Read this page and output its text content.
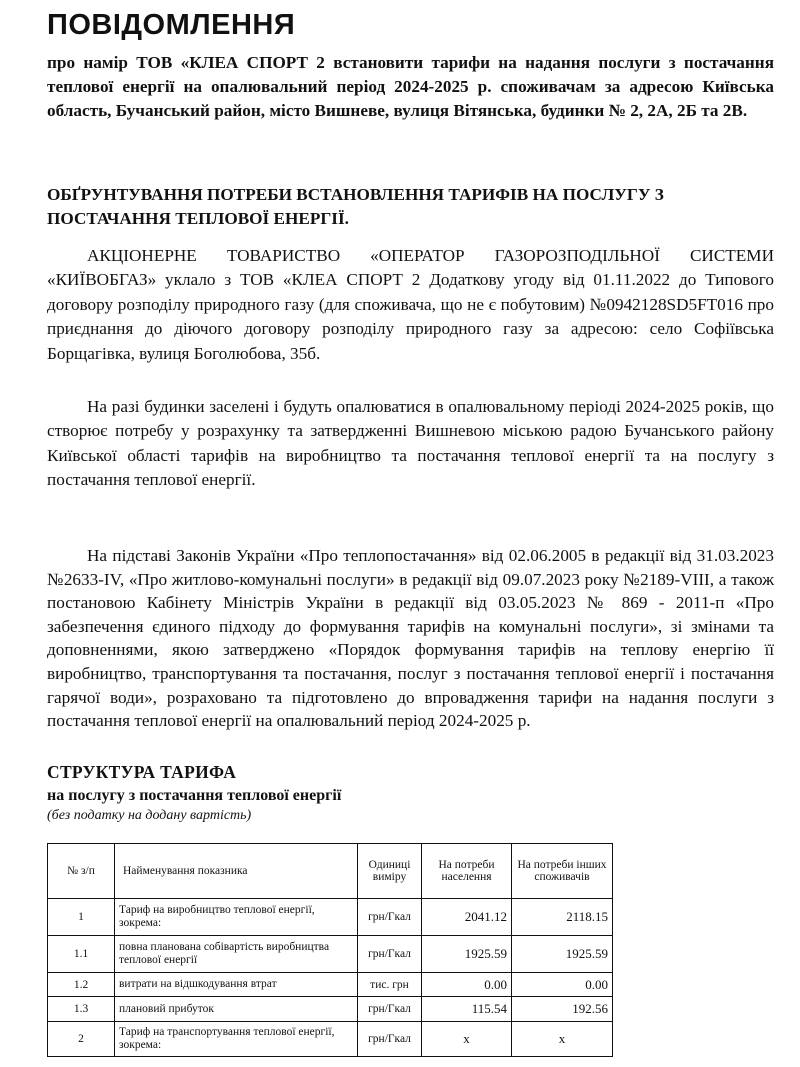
ПОВІДОМЛЕННЯ

про намір ТОВ «КЛЕА СПОРТ 2 встановити тарифи на надання послуги з постачання теплової енергії на опалювальний період 2024-2025 р. споживачам за адресою Київська область, Бучанський район, місто Вишневе, вулиця Вітянська, будинки № 2, 2А, 2Б та 2В.

ОБҐРУНТУВАННЯ ПОТРЕБИ ВСТАНОВЛЕННЯ ТАРИФІВ НА ПОСЛУГУ З ПОСТАЧАННЯ ТЕПЛОВОЇ ЕНЕРГІЇ.

АКЦІОНЕРНЕ ТОВАРИСТВО «ОПЕРАТОР ГАЗОРОЗПОДІЛЬНОЇ СИСТЕМИ «КИЇВОБГАЗ» уклало з ТОВ «КЛЕА СПОРТ 2 Додаткову угоду від 01.11.2022 до Типового договору розподілу природного газу (для споживача, що не є побутовим) №0942128SD5FT016 про приєднання до діючого договору розподілу природного газу за адресою: село Софіївська Борщагівка, вулиця Боголюбова, 35б.

На разі будинки заселені і будуть опалюватися в опалювальному періоді 2024-2025 років, що створює потребу у розрахунку та затвердженні Вишневою міською радою Бучанського району Київської області тарифів на виробництво та постачання теплової енергії та на послугу з постачання теплової енергії.

На підставі Законів України «Про теплопостачання» від 02.06.2005 в редакції від 31.03.2023 №2633-IV, «Про житлово-комунальні послуги» в редакції від 09.07.2023 року №2189-VIII, а також постановою Кабінету Міністрів України в редакції від 03.05.2023 № 869 - 2011-п «Про забезпечення єдиного підходу до формування тарифів на комунальні послуги», зі змінами та доповненнями, якою затверджено «Порядок формування тарифів на теплову енергію її виробництво, транспортування та постачання, послуг з постачання теплової енергії і постачання гарячої води», розраховано та підготовлено до впровадження тарифи на надання послуги з постачання теплової енергії на опалювальний період 2024-2025 р.

СТРУКТУРА ТАРИФА
на послугу з постачання теплової енергії

(без податку на додану вартість)

№ з/п	Найменування показника	Одиниці виміру	На потреби населення	На потреби інших споживачів
1	Тариф на виробництво теплової енергії, зокрема:	грн/Гкал	2041.12	2118.15
1.1	повна планована собівартість виробництва теплової енергії	грн/Гкал	1925.59	1925.59
1.2	витрати на відшкодування втрат	тис. грн	0.00	0.00
1.3	плановий прибуток	грн/Гкал	115.54	192.56
2	Тариф на транспортування теплової енергії, зокрема:	грн/Гкал	x	x
